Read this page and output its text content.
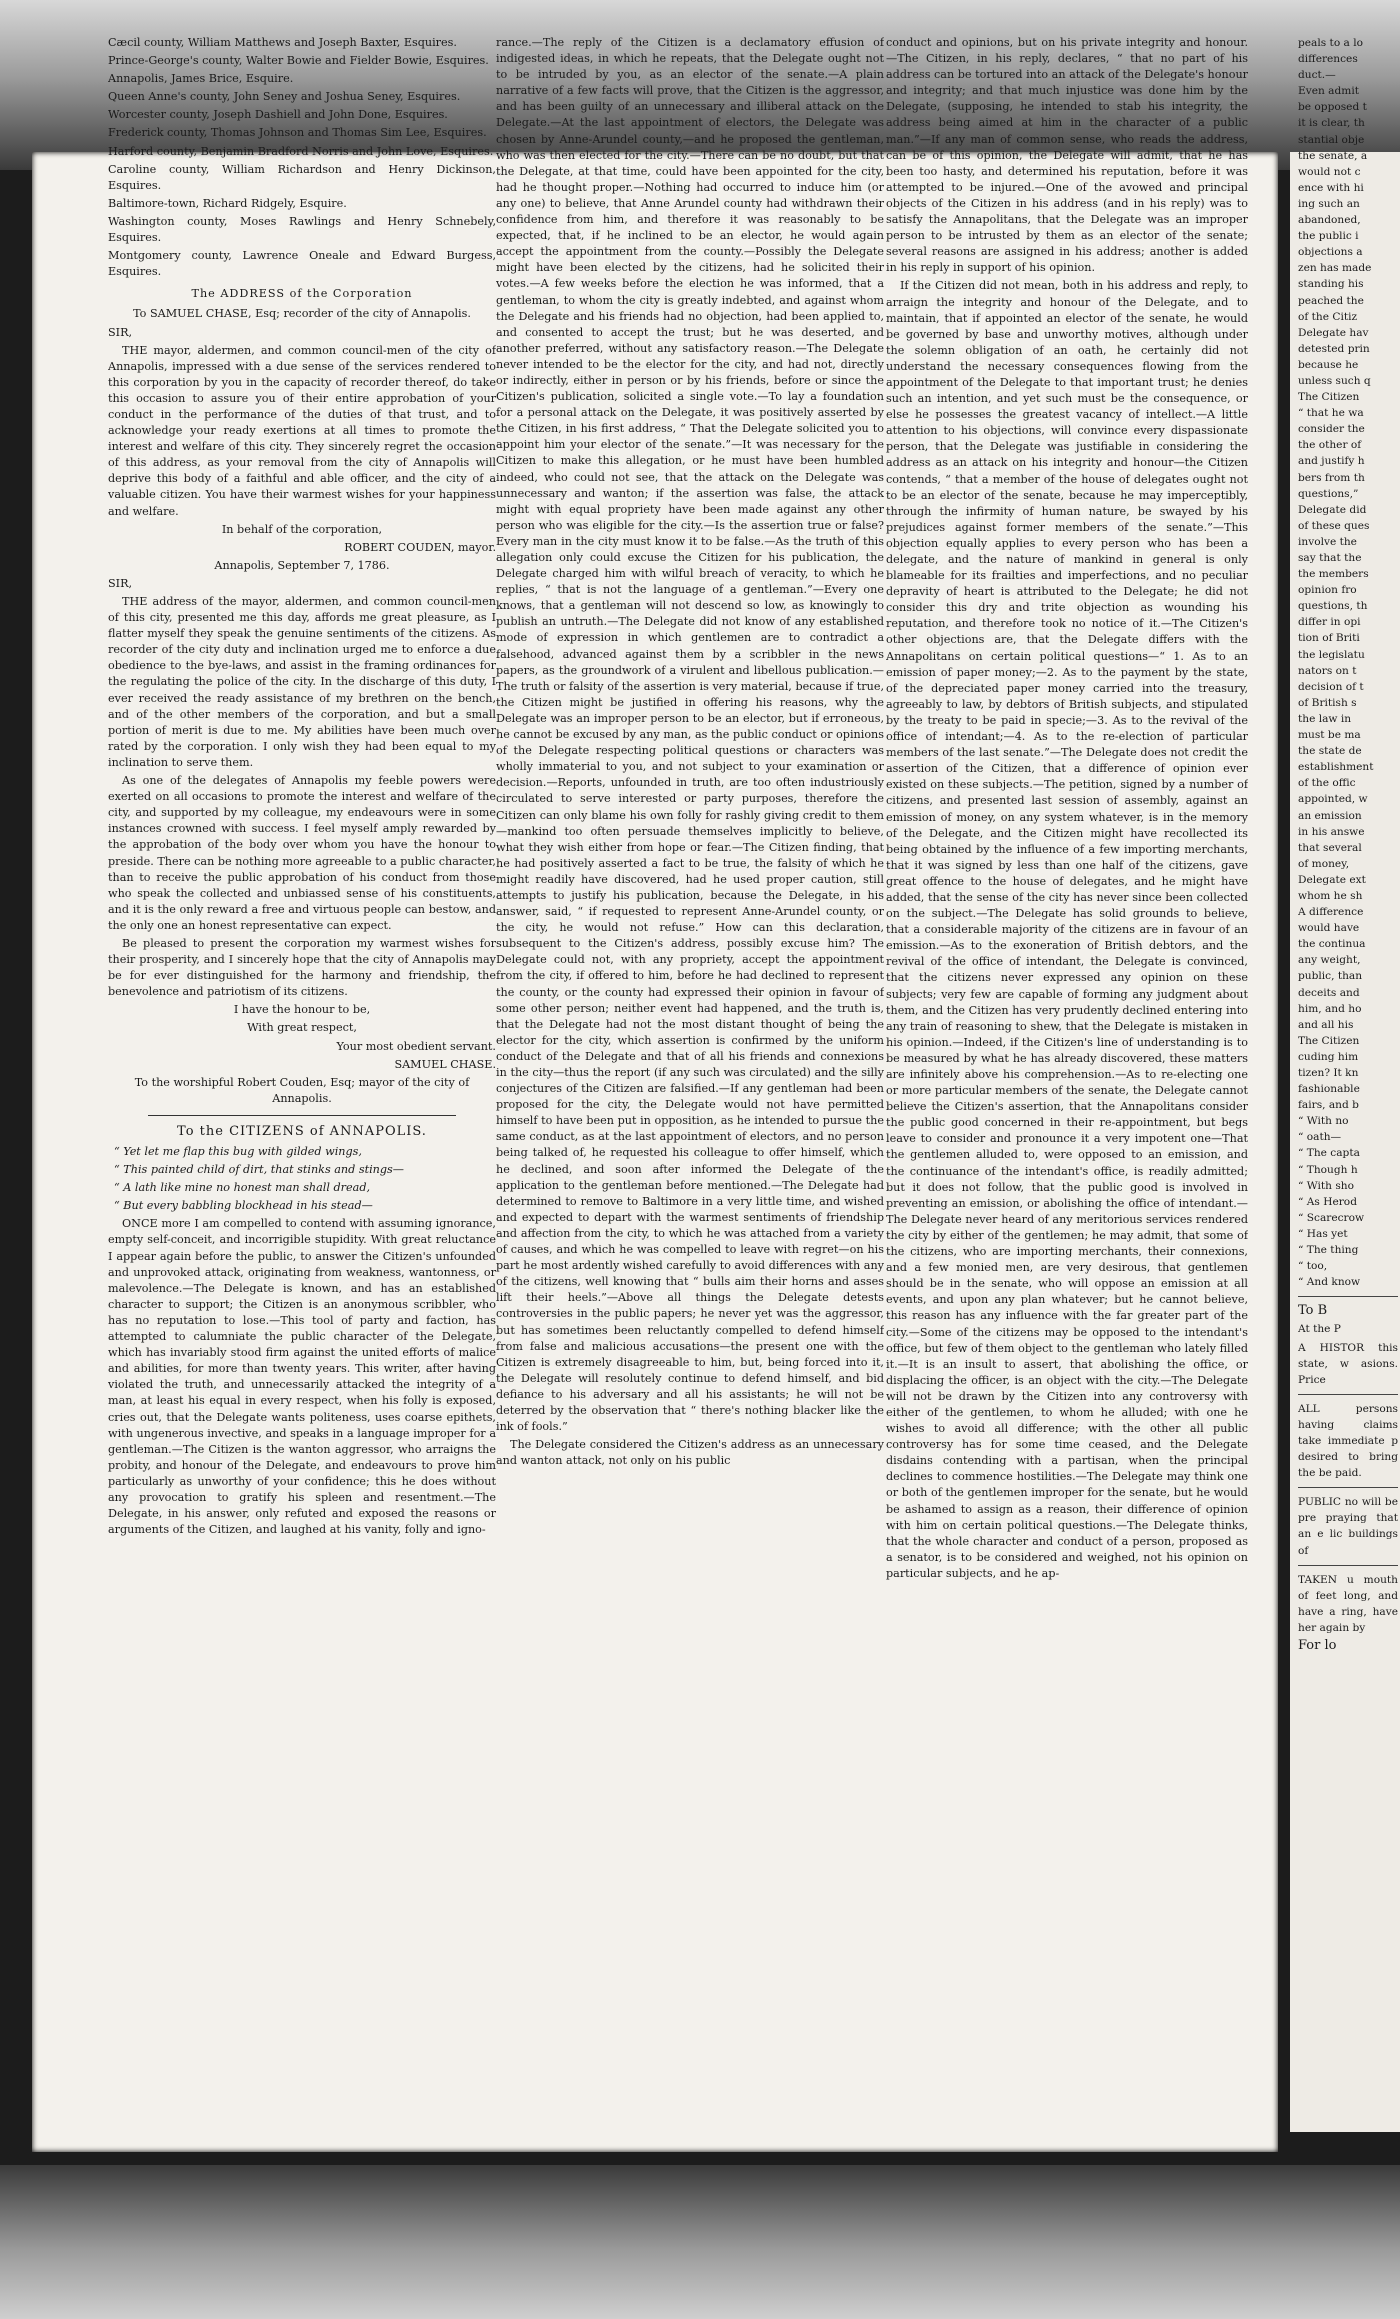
Cæcil county, William Matthews and Joseph Baxter, Esquires.

Prince-George's county, Walter Bowie and Fielder Bowie, Esquires.

Annapolis, James Brice, Esquire.

Queen Anne's county, John Seney and Joshua Seney, Esquires.

Worcester county, Joseph Dashiell and John Done, Esquires.

Frederick county, Thomas Johnson and Thomas Sim Lee, Esquires.

Harford county, Benjamin Bradford Norris and John Love, Esquires.

Caroline county, William Richardson and Henry Dickinson, Esquires.

Baltimore-town, Richard Ridgely, Esquire.

Washington county, Moses Rawlings and Henry Schnebely, Esquires.

Montgomery county, Lawrence Oneale and Edward Burgess, Esquires.

The ADDRESS of the Corporation

To SAMUEL CHASE, Esq; recorder of the city of Annapolis.

SIR,

THE mayor, aldermen, and common council-men of the city of Annapolis, impressed with a due sense of the services rendered to this corporation by you in the capacity of recorder thereof, do take this occasion to assure you of their entire approbation of your conduct in the performance of the duties of that trust, and to acknowledge your ready exertions at all times to promote the interest and welfare of this city. They sincerely regret the occasion of this address, as your removal from the city of Annapolis will deprive this body of a faithful and able officer, and the city of a valuable citizen. You have their warmest wishes for your happiness and welfare.

In behalf of the corporation,

ROBERT COUDEN, mayor.

Annapolis, September 7, 1786.

SIR,

THE address of the mayor, aldermen, and common council-men of this city, presented me this day, affords me great pleasure, as I flatter myself they speak the genuine sentiments of the citizens. As recorder of the city duty and inclination urged me to enforce a due obedience to the bye-laws, and assist in the framing ordinances for the regulating the police of the city. In the discharge of this duty, I ever received the ready assistance of my brethren on the bench, and of the other members of the corporation, and but a small portion of merit is due to me. My abilities have been much over rated by the corporation. I only wish they had been equal to my inclination to serve them.

As one of the delegates of Annapolis my feeble powers were exerted on all occasions to promote the interest and welfare of the city, and supported by my colleague, my endeavours were in some instances crowned with success. I feel myself amply rewarded by the approbation of the body over whom you have the honour to preside. There can be nothing more agreeable to a public character, than to receive the public approbation of his conduct from those who speak the collected and unbiassed sense of his constituents, and it is the only reward a free and virtuous people can bestow, and the only one an honest representative can expect.

Be pleased to present the corporation my warmest wishes for their prosperity, and I sincerely hope that the city of Annapolis may be for ever distinguished for the harmony and friendship, the benevolence and patriotism of its citizens.

I have the honour to be,

With great respect,

Your most obedient servant.

SAMUEL CHASE.

To the worshipful Robert Couden, Esq; mayor of the city of Annapolis.

To the CITIZENS of ANNAPOLIS.

“ Yet let me flap this bug with gilded wings,

“ This painted child of dirt, that stinks and stings—

“ A lath like mine no honest man shall dread,

“ But every babbling blockhead in his stead—

ONCE more I am compelled to contend with assuming ignorance, empty self-conceit, and incorrigible stupidity. With great reluctance I appear again before the public, to answer the Citizen's unfounded and unprovoked attack, originating from weakness, wantonness, or malevolence.—The Delegate is known, and has an established character to support; the Citizen is an anonymous scribbler, who has no reputation to lose.—This tool of party and faction, has attempted to calumniate the public character of the Delegate, which has invariably stood firm against the united efforts of malice and abilities, for more than twenty years. This writer, after having violated the truth, and unnecessarily attacked the integrity of a man, at least his equal in every respect, when his folly is exposed, cries out, that the Delegate wants politeness, uses coarse epithets, with ungenerous invective, and speaks in a language improper for a gentleman.—The Citizen is the wanton aggressor, who arraigns the probity, and honour of the Delegate, and endeavours to prove him particularly as unworthy of your confidence; this he does without any provocation to gratify his spleen and resentment.—The Delegate, in his answer, only refuted and exposed the reasons or arguments of the Citizen, and laughed at his vanity, folly and igno-

rance.—The reply of the Citizen is a declamatory effusion of indigested ideas, in which he repeats, that the Delegate ought not to be intruded by you, as an elector of the senate.—A plain narrative of a few facts will prove, that the Citizen is the aggressor, and has been guilty of an unnecessary and illiberal attack on the Delegate.—At the last appointment of electors, the Delegate was chosen by Anne-Arundel county,—and he proposed the gentleman, who was then elected for the city.—There can be no doubt, but that the Delegate, at that time, could have been appointed for the city, had he thought proper.—Nothing had occurred to induce him (or any one) to believe, that Anne Arundel county had withdrawn their confidence from him, and therefore it was reasonably to be expected, that, if he inclined to be an elector, he would again accept the appointment from the county.—Possibly the Delegate might have been elected by the citizens, had he solicited their votes.—A few weeks before the election he was informed, that a gentleman, to whom the city is greatly indebted, and against whom the Delegate and his friends had no objection, had been applied to, and consented to accept the trust; but he was deserted, and another preferred, without any satisfactory reason.—The Delegate never intended to be the elector for the city, and had not, directly or indirectly, either in person or by his friends, before or since the Citizen's publication, solicited a single vote.—To lay a foundation for a personal attack on the Delegate, it was positively asserted by the Citizen, in his first address, “ That the Delegate solicited you to appoint him your elector of the senate.”—It was necessary for the Citizen to make this allegation, or he must have been humbled indeed, who could not see, that the attack on the Delegate was unnecessary and wanton; if the assertion was false, the attack might with equal propriety have been made against any other person who was eligible for the city.—Is the assertion true or false? Every man in the city must know it to be false.—As the truth of this allegation only could excuse the Citizen for his publication, the Delegate charged him with wilful breach of veracity, to which he replies, “ that is not the language of a gentleman.”—Every one knows, that a gentleman will not descend so low, as knowingly to publish an untruth.—The Delegate did not know of any established mode of expression in which gentlemen are to contradict a falsehood, advanced against them by a scribbler in the news papers, as the groundwork of a virulent and libellous publication.—The truth or falsity of the assertion is very material, because if true, the Citizen might be justified in offering his reasons, why the Delegate was an improper person to be an elector, but if erroneous, he cannot be excused by any man, as the public conduct or opinions of the Delegate respecting political questions or characters was wholly immaterial to you, and not subject to your examination or decision.—Reports, unfounded in truth, are too often industriously circulated to serve interested or party purposes, therefore the Citizen can only blame his own folly for rashly giving credit to them—mankind too often persuade themselves implicitly to believe, what they wish either from hope or fear.—The Citizen finding, that he had positively asserted a fact to be true, the falsity of which he might readily have discovered, had he used proper caution, still attempts to justify his publication, because the Delegate, in his answer, said, “ if requested to represent Anne-Arundel county, or the city, he would not refuse.” How can this declaration, subsequent to the Citizen's address, possibly excuse him? The Delegate could not, with any propriety, accept the appointment from the city, if offered to him, before he had declined to represent the county, or the county had expressed their opinion in favour of some other person; neither event had happened, and the truth is, that the Delegate had not the most distant thought of being the elector for the city, which assertion is confirmed by the uniform conduct of the Delegate and that of all his friends and connexions in the city—thus the report (if any such was circulated) and the silly conjectures of the Citizen are falsified.—If any gentleman had been proposed for the city, the Delegate would not have permitted himself to have been put in opposition, as he intended to pursue the same conduct, as at the last appointment of electors, and no person being talked of, he requested his colleague to offer himself, which he declined, and soon after informed the Delegate of the application to the gentleman before mentioned.—The Delegate had determined to remove to Baltimore in a very little time, and wished and expected to depart with the warmest sentiments of friendship and affection from the city, to which he was attached from a variety of causes, and which he was compelled to leave with regret—on his part he most ardently wished carefully to avoid differences with any of the citizens, well knowing that “ bulls aim their horns and asses lift their heels.”—Above all things the Delegate detests controversies in the public papers; he never yet was the aggressor, but has sometimes been reluctantly compelled to defend himself from false and malicious accusations—the present one with the Citizen is extremely disagreeable to him, but, being forced into it, the Delegate will resolutely continue to defend himself, and bid defiance to his adversary and all his assistants; he will not be deterred by the observation that “ there's nothing blacker like the ink of fools.”

The Delegate considered the Citizen's address as an unnecessary and wanton attack, not only on his public

conduct and opinions, but on his private integrity and honour.—The Citizen, in his reply, declares, “ that no part of his address can be tortured into an attack of the Delegate's honour and integrity; and that much injustice was done him by the Delegate, (supposing, he intended to stab his integrity, the address being aimed at him in the character of a public man.”—If any man of common sense, who reads the address, can be of this opinion, the Delegate will admit, that he has been too hasty, and determined his reputation, before it was attempted to be injured.—One of the avowed and principal objects of the Citizen in his address (and in his reply) was to satisfy the Annapolitans, that the Delegate was an improper person to be intrusted by them as an elector of the senate; several reasons are assigned in his address; another is added in his reply in support of his opinion.

If the Citizen did not mean, both in his address and reply, to arraign the integrity and honour of the Delegate, and to maintain, that if appointed an elector of the senate, he would be governed by base and unworthy motives, although under the solemn obligation of an oath, he certainly did not understand the necessary consequences flowing from the appointment of the Delegate to that important trust; he denies such an intention, and yet such must be the consequence, or else he possesses the greatest vacancy of intellect.—A little attention to his objections, will convince every dispassionate person, that the Delegate was justifiable in considering the address as an attack on his integrity and honour—the Citizen contends, “ that a member of the house of delegates ought not to be an elector of the senate, because he may imperceptibly, through the infirmity of human nature, be swayed by his prejudices against former members of the senate.”—This objection equally applies to every person who has been a delegate, and the nature of mankind in general is only blameable for its frailties and imperfections, and no peculiar depravity of heart is attributed to the Delegate; he did not consider this dry and trite objection as wounding his reputation, and therefore took no notice of it.—The Citizen's other objections are, that the Delegate differs with the Annapolitans on certain political questions—“ 1. As to an emission of paper money;—2. As to the payment by the state, of the depreciated paper money carried into the treasury, agreeably to law, by debtors of British subjects, and stipulated by the treaty to be paid in specie;—3. As to the revival of the office of intendant;—4. As to the re-election of particular members of the last senate.”—The Delegate does not credit the assertion of the Citizen, that a difference of opinion ever existed on these subjects.—The petition, signed by a number of citizens, and presented last session of assembly, against an emission of money, on any system whatever, is in the memory of the Delegate, and the Citizen might have recollected its being obtained by the influence of a few importing merchants, that it was signed by less than one half of the citizens, gave great offence to the house of delegates, and he might have added, that the sense of the city has never since been collected on the subject.—The Delegate has solid grounds to believe, that a considerable majority of the citizens are in favour of an emission.—As to the exoneration of British debtors, and the revival of the office of intendant, the Delegate is convinced, that the citizens never expressed any opinion on these subjects; very few are capable of forming any judgment about them, and the Citizen has very prudently declined entering into any train of reasoning to shew, that the Delegate is mistaken in his opinion.—Indeed, if the Citizen's line of understanding is to be measured by what he has already discovered, these matters are infinitely above his comprehension.—As to re-electing one or more particular members of the senate, the Delegate cannot believe the Citizen's assertion, that the Annapolitans consider the public good concerned in their re-appointment, but begs leave to consider and pronounce it a very impotent one—That the gentlemen alluded to, were opposed to an emission, and the continuance of the intendant's office, is readily admitted; but it does not follow, that the public good is involved in preventing an emission, or abolishing the office of intendant.—The Delegate never heard of any meritorious services rendered the city by either of the gentlemen; he may admit, that some of the citizens, who are importing merchants, their connexions, and a few monied men, are very desirous, that gentlemen should be in the senate, who will oppose an emission at all events, and upon any plan whatever; but he cannot believe, this reason has any influence with the far greater part of the city.—Some of the citizens may be opposed to the intendant's office, but few of them object to the gentleman who lately filled it.—It is an insult to assert, that abolishing the office, or displacing the officer, is an object with the city.—The Delegate will not be drawn by the Citizen into any controversy with either of the gentlemen, to whom he alluded; with one he wishes to avoid all difference; with the other all public controversy has for some time ceased, and the Delegate disdains contending with a partisan, when the principal declines to commence hostilities.—The Delegate may think one or both of the gentlemen improper for the senate, but he would be ashamed to assign as a reason, their difference of opinion with him on certain political questions.—The Delegate thinks, that the whole character and conduct of a person, proposed as a senator, is to be considered and weighed, not his opinion on particular subjects, and he ap-

peals to a lo
differences
duct.—
Even admit
be opposed t
it is clear, th
stantial obje
the senate, a
would not c
ence with hi
ing such an
abandoned,
the public i
objections a
zen has made
standing his
peached the
of the Citiz
Delegate hav
detested prin
because he
unless such q
The Citizen
“ that he wa
consider the
the other of
and justify h
bers from th
questions,”
Delegate did
of these ques
involve the
say that the
the members
opinion fro
questions, th
differ in opi
tion of Briti
the legislatu
nators on t
decision of t
of British s
the law in
must be ma
the state de
establishment
of the offic
appointed, w
an emission
in his answe
that several
of money,
Delegate ext
whom he sh
A difference
would have
the continua
any weight,
public, than
deceits and
him, and ho
and all his
The Citizen
cuding him
tizen? It kn
fashionable
fairs, and b
“ With no
“ oath—
“ The capta
“ Though h
“ With sho
“ As Herod
“ Scarecrow
“ Has yet
“ The thing
“ too,
“ And know

To B

At the P

A HISTOR this state, w asions. Price

ALL persons having claims take immediate p desired to bring the be paid.

PUBLIC no will be pre praying that an e lic buildings of

TAKEN u mouth of feet long, and have a ring, have her again by

For lo
